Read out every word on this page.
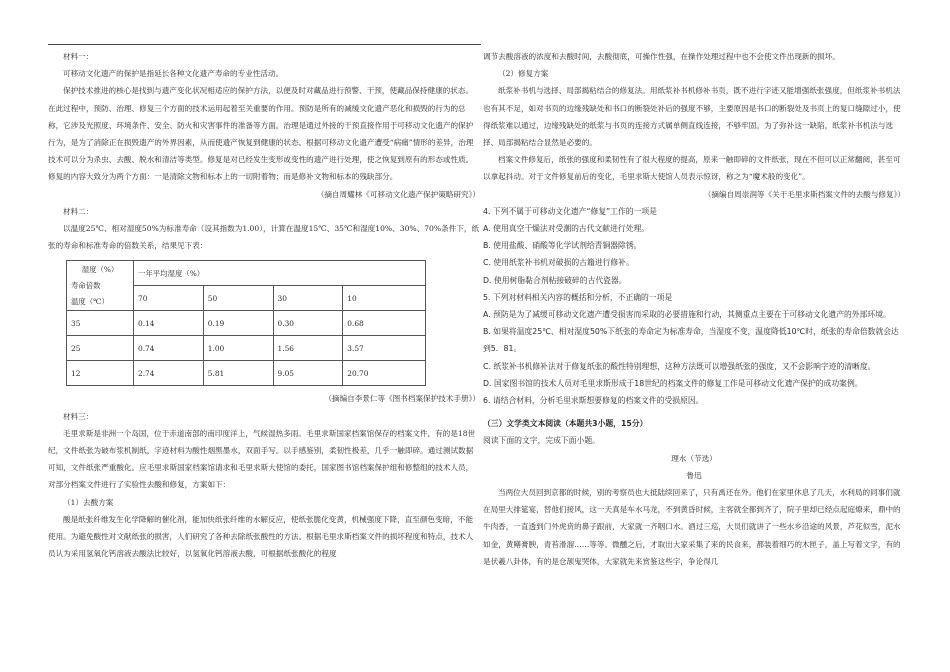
材料一：

可移动文化遗产的保护是指延长各种文化遗产寿命的专业性活动。

保护技术推进的核心是找到与遗产变化状况相适应的保护方法，以便及时对藏品进行预警、干预，使藏品保持健康的状态。在此过程中，预防、治理、修复三个方面的技术运用起着至关重要的作用。预防是所有的减缓文化遗产恶化和损毁的行为的总称，它涉及光照度、环境条件、安全、防火和灾害事件的准备等方面。治理是通过外接的干预直接作用于可移动文化遗产的保护行为，是为了消除正在损毁遗产的外界因素，从而使遗产恢复到健康的状态。根据可移动文化遗产遭受“病痛”情形的差异，治理技术可以分为杀虫、去酸、脱水和清洁等类型。修复是对已经发生变形或变性的遗产进行处理，使之恢复到原有的形态或性质。修复的内容大致分为两个方面：一是清除文物和标本上的一切附着物；而是修补文物和标本的残缺部分。

（摘自周耀林《可移动文化遗产保护策略研究》）

材料二：

以温度25℃、相对湿度50%为标准寿命（设其指数为1.00），计算在温度15℃、35℃和湿度10%、30%、70%条件下，纸张的寿命和标准寿命的倍数关系，结果见下表：

湿度（%）
寿命倍数
温度（℃）	一年平均湿度（%）			
	70	50	30	10
35	0.14	0.19	0.30	0.68
25	0.74	1.00	1.56	3.57
12	2.74	5.81	9.05	20.70

（摘编自李景仁等《图书档案保护技术手册》）

材料三：

毛里求斯是非洲一个岛国，位于赤道南部的南印度洋上，气候湿热多雨。毛里求斯国家档案馆保存的档案文件，有的是18世纪，文件纸张为破布浆机制纸，字迹材料为酸性烟黑墨水，双面手写。以手感鉴别，柔韧性极差，几乎一触即碎。通过测试数据可知，文件纸张严重酸化。应毛里求斯国家档案馆请求和毛里求斯大使馆的委托，国家图书馆档案保护组和修整组的技术人员，对部分档案文件进行了实验性去酸和修复，方案如下：

（1）去酸方案

酸是纸张纤维发生化学降解的催化剂，能加快纸张纤维的水解反应，使纸张脆化变黄，机械强度下降，直至颜色变暗，不能使用。为避免酸性对文献纸张的损害，人们研究了各种去除纸张酸性的方法。根据毛里求斯档案文件的损坏程度和特点，技术人员认为采用氢氧化钙溶液去酸法比较好，以氢氧化钙溶液去酸，可根据纸张酸化的程度

调节去酸溶液的浓度和去酸时间，去酸彻底，可操作性强，在操作处理过程中也不会使文件出现新的损坏。

（2）修复方案

纸浆补书机与选择、局部揭粘结合的修复法。用纸浆补书机修补书页，既不进行字迹又能增强纸张强度，但纸浆补书机法也有其不足，如对书页的边缘残缺处和书口的断裂处补后的强度不够，主要原因是书口的断裂处及书页上的复口缝隙过小，使得纸浆难以通过，边缘残缺处的纸浆与书页的连接方式属单侧直线连接，不够牢固。为了弥补这一缺陷，纸浆补书机法与选择、局部揭粘结合显然是必要的。

档案文件修复后，纸张的强度和柔韧性有了很大程度的提高，原来一触即碎的文件纸张，现在不但可以正常翻阅，甚至可以拿起抖动。对于文件修复前后的变化，毛里求斯大使馆人员表示惊讶，称之为“魔术般的变化”。

（摘编自周崇润等《关于毛里求斯档案文件的去酸与修复》）

4. 下列不属于可移动文化遗产“修复”工作的一项是

A. 使用真空干燥法对受潮的古代文献进行处理。

B. 使用盐酸、硝酸等化学试剂给青铜器除锈。

C. 使用纸浆补书机对破损的古籍进行修补。

D. 使用树脂黏合剂粘接破碎的古代瓷器。

5. 下列对材料相关内容的概括和分析，不正确的一项是

A. 预防是为了减缓可移动文化遗产遭受损害而采取的必要措施和行动，其侧重点主要在于可移动文化遗产的外部环境。

B. 如果将温度25℃、相对湿度50%下纸张的寿命定为标准寿命，当湿度不变，温度降低10℃时，纸张的寿命倍数就会达到5．81。

C. 纸浆补书机修补法对于修复纸张的酸性特别理想，这种方法既可以增强纸张的强度，又不会影响字迹的清晰度。

D. 国家图书馆的技术人员对毛里求斯形成于18世纪的档案文件的修复工作是可移动文化遗产保护的成功案例。

6. 请结合材料，分析毛里求斯想要修复的档案文件的受损原因。

（三）文学类文本阅读（本题共3小题，15分）

阅读下面的文字，完成下面小题。

理水（节选）

鲁迅

当两位大员回到京都的时候，别的考察员也大抵陆续回来了，只有禹还在外。他们在家里休息了几天，水利局的同事们就在局里大排筵宴，替他们接风，这一天真是车水马龙，不到黄昏时候，主客就全都到齐了，院子里却已经点起庭燎来，鼎中的牛肉香，一直透到门外虎贲的鼻子跟前，大家就一齐咽口水。酒过三巡，大员们就讲了一些水乡沿途的风景，芦花似雪，泥水如金，黄鳝膏腴，青苔滑溜……等等。微醺之后，才取出大家采集了来的民食来，都装着细巧的木匣子，盖上写着文字，有的是伏羲八卦体，有的是仓颉鬼哭体，大家就先来赏鉴这些字，争论得几
